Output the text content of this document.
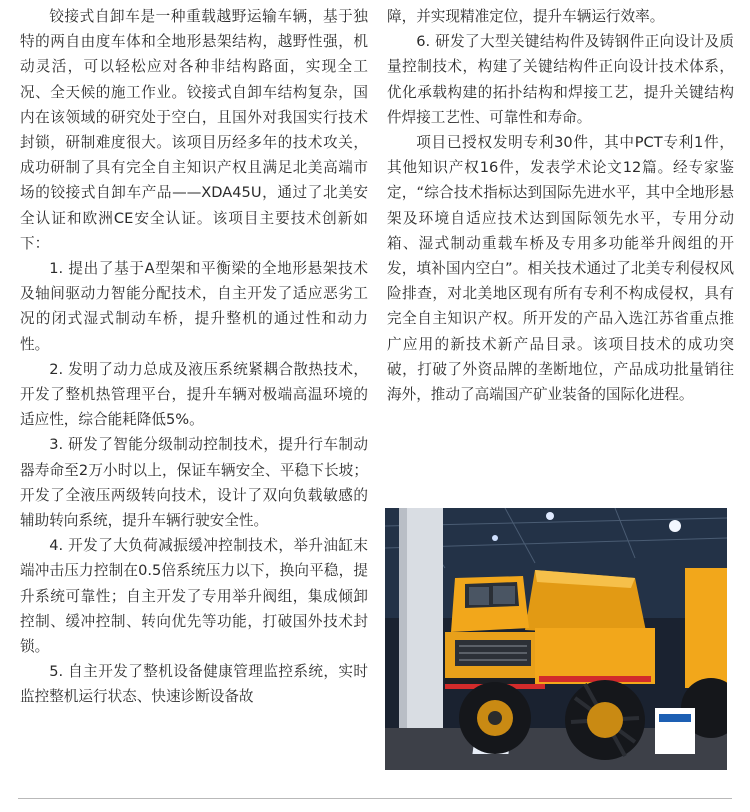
铰接式自卸车是一种重载越野运输车辆，基于独特的两自由度车体和全地形悬架结构，越野性强，机动灵活，可以轻松应对各种非结构路面，实现全工况、全天候的施工作业。铰接式自卸车结构复杂，国内在该领域的研究处于空白，且国外对我国实行技术封锁，研制难度很大。该项目历经多年的技术攻关，成功研制了具有完全自主知识产权且满足北美高端市场的铰接式自卸车产品——XDA45U，通过了北美安全认证和欧洲CE安全认证。该项目主要技术创新如下：

1. 提出了基于A型架和平衡梁的全地形悬架技术及轴间驱动力智能分配技术，自主开发了适应恶劣工况的闭式湿式制动车桥，提升整机的通过性和动力性。

2. 发明了动力总成及液压系统紧耦合散热技术，开发了整机热管理平台，提升车辆对极端高温环境的适应性，综合能耗降低5%。

3. 研发了智能分级制动控制技术，提升行车制动器寿命至2万小时以上，保证车辆安全、平稳下长坡；开发了全液压两级转向技术，设计了双向负载敏感的辅助转向系统，提升车辆行驶安全性。

4. 开发了大负荷减振缓冲控制技术，举升油缸末端冲击压力控制在0.5倍系统压力以下，换向平稳，提升系统可靠性；自主开发了专用举升阀组，集成倾卸控制、缓冲控制、转向优先等功能，打破国外技术封锁。

5. 自主开发了整机设备健康管理监控系统，实时监控整机运行状态、快速诊断设备故

障，并实现精准定位，提升车辆运行效率。

6. 研发了大型关键结构件及铸钢件正向设计及质量控制技术，构建了关键结构件正向设计技术体系，优化承载构建的拓扑结构和焊接工艺，提升关键结构件焊接工艺性、可靠性和寿命。

项目已授权发明专利30件，其中PCT专利1件，其他知识产权16件，发表学术论文12篇。经专家鉴定，“综合技术指标达到国际先进水平，其中全地形悬架及环境自适应技术达到国际领先水平，专用分动箱、湿式制动重载车桥及专用多功能举升阀组的开发，填补国内空白”。相关技术通过了北美专利侵权风险排查，对北美地区现有所有专利不构成侵权，具有完全自主知识产权。所开发的产品入选江苏省重点推广应用的新技术新产品目录。该项目技术的成功突破，打破了外资品牌的垄断地位，产品成功批量销往海外，推动了高端国产矿业装备的国际化进程。
